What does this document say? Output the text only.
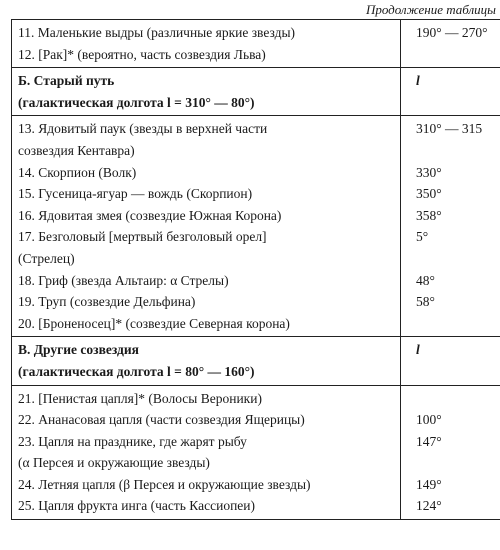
Продолжение таблицы
11. Маленькие выдры (различные яркие звезды)
12. [Рак]* (вероятно, часть созвездия Льва)
190° — 270°

Б. Старый путь
(галактическая долгота l = 310° — 80°)
l
13. Ядовитый паук (звезды в верхней части
созвездия Кентавра)
14. Скорпион (Волк)
15. Гусеница-ягуар — вождь (Скорпион)
16. Ядовитая змея (созвездие Южная Корона)
17. Безголовый [мертвый безголовый орел]
(Стрелец)
18. Гриф (звезда Альтаир: α Стрелы)
19. Труп (созвездие Дельфина)
20. [Броненосец]* (созвездие Северная корона)
310° — 315

330°
350°
358°
5°

48°
58°

В. Другие созвездия
(галактическая долгота l = 80° — 160°)
l
21. [Пенистая цапля]* (Волосы Вероники)
22. Ананасовая цапля (части созвездия Ящерицы)
23. Цапля на празднике, где жарят рыбу
(α Персея и окружающие звезды)
24. Летняя цапля (β Персея и окружающие звезды)
25. Цапля фрукта инга (часть Кассиопеи)

100°
147°

149°
124°
